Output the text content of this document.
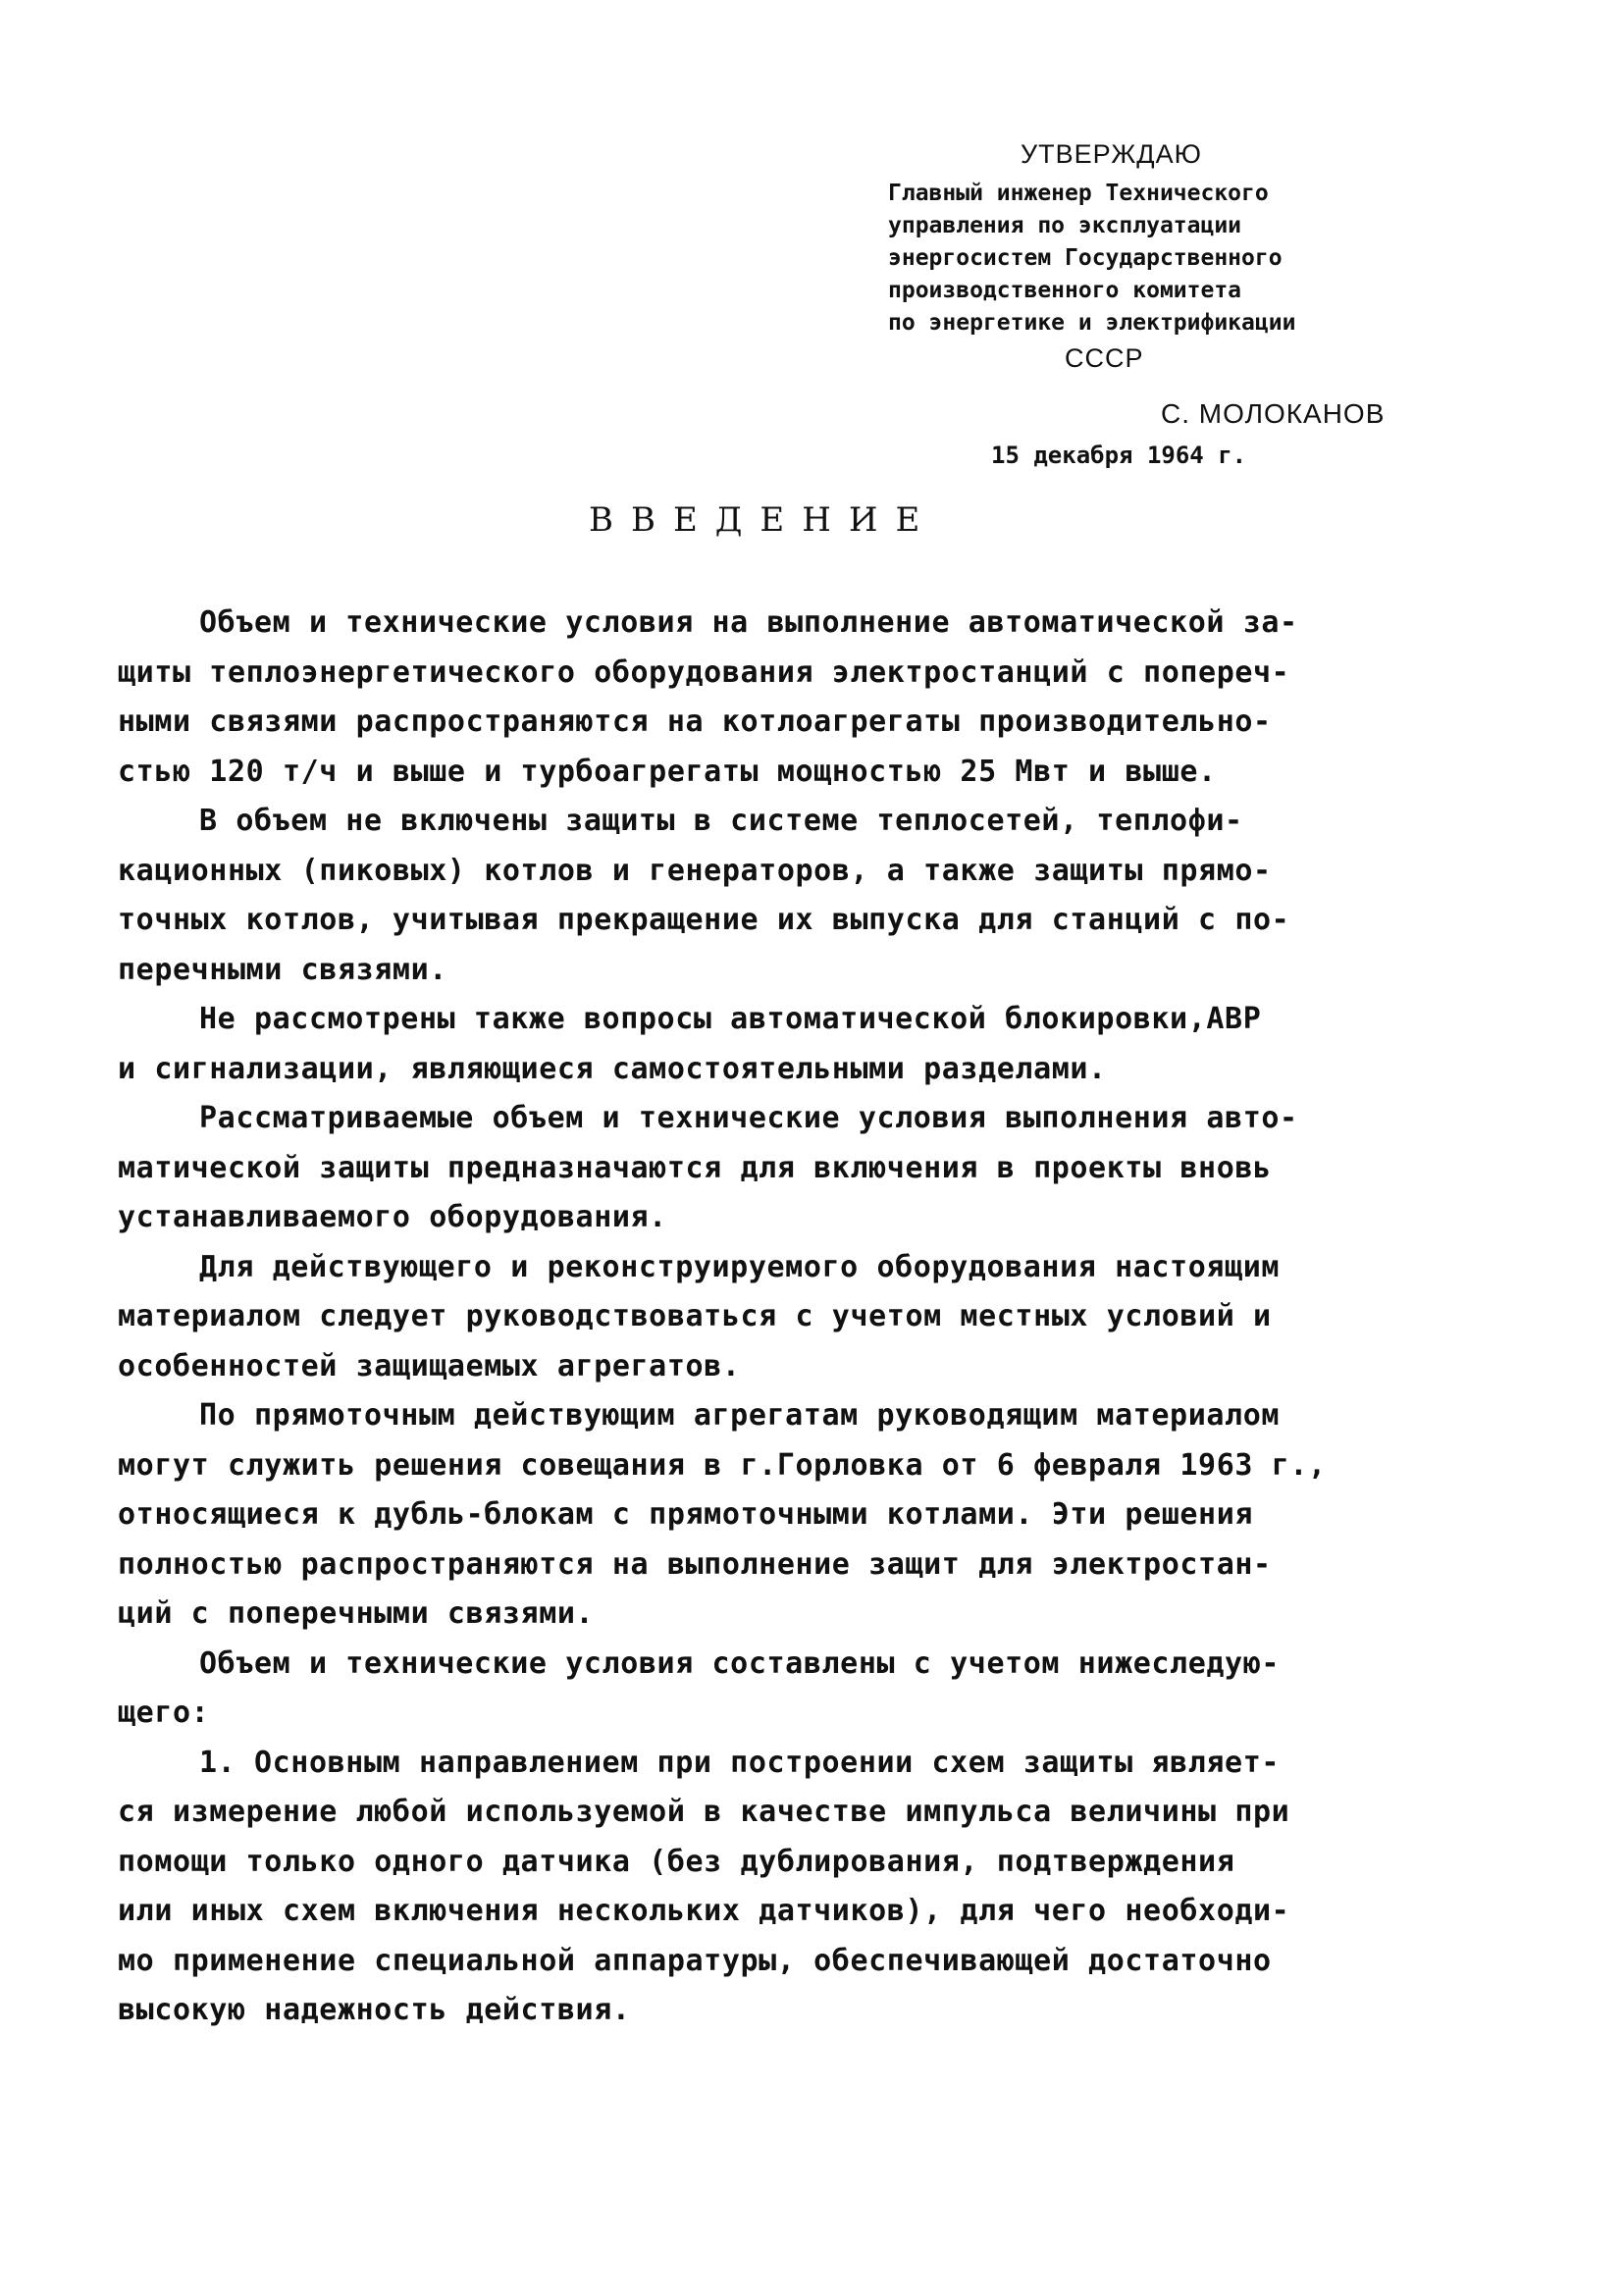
УТВЕРЖДАЮ
Главный инженер Технического
управления по эксплуатации
энергосистем Государственного
производственного комитета
по энергетике и электрификации
СССР
С. МОЛОКАНОВ
15 декабря 1964 г.
ВВЕДЕНИЕ
Объем и технические условия на выполнение автоматической за-
щиты теплоэнергетического оборудования электростанций с попереч-
ными связями распространяются на котлоагрегаты производительно-
стью 120 т/ч и выше и турбоагрегаты мощностью 25 Мвт и выше.
В объем не включены защиты в системе теплосетей, теплофи-
кационных (пиковых) котлов и генераторов, а также защиты прямо-
точных котлов, учитывая прекращение их выпуска для станций с по-
перечными связями.
Не рассмотрены также вопросы автоматической блокировки,АВР
и сигнализации, являющиеся самостоятельными разделами.
Рассматриваемые объем и технические условия выполнения авто-
матической защиты предназначаются для включения в проекты вновь
устанавливаемого оборудования.
Для действующего и реконструируемого оборудования настоящим
материалом следует руководствоваться с учетом местных условий и
особенностей защищаемых агрегатов.
По прямоточным действующим агрегатам руководящим материалом
могут служить решения совещания в г.Горловка от 6 февраля 1963 г.,
относящиеся к дубль-блокам с прямоточными котлами. Эти решения
полностью распространяются на выполнение защит для электростан-
ций с поперечными связями.
Объем и технические условия составлены с учетом нижеследую-
щего:
1. Основным направлением при построении схем защиты являет-
ся измерение любой используемой в качестве импульса величины при
помощи только одного датчика (без дублирования, подтверждения
или иных схем включения нескольких датчиков), для чего необходи-
мо применение специальной аппаратуры, обеспечивающей достаточно
высокую надежность действия.
